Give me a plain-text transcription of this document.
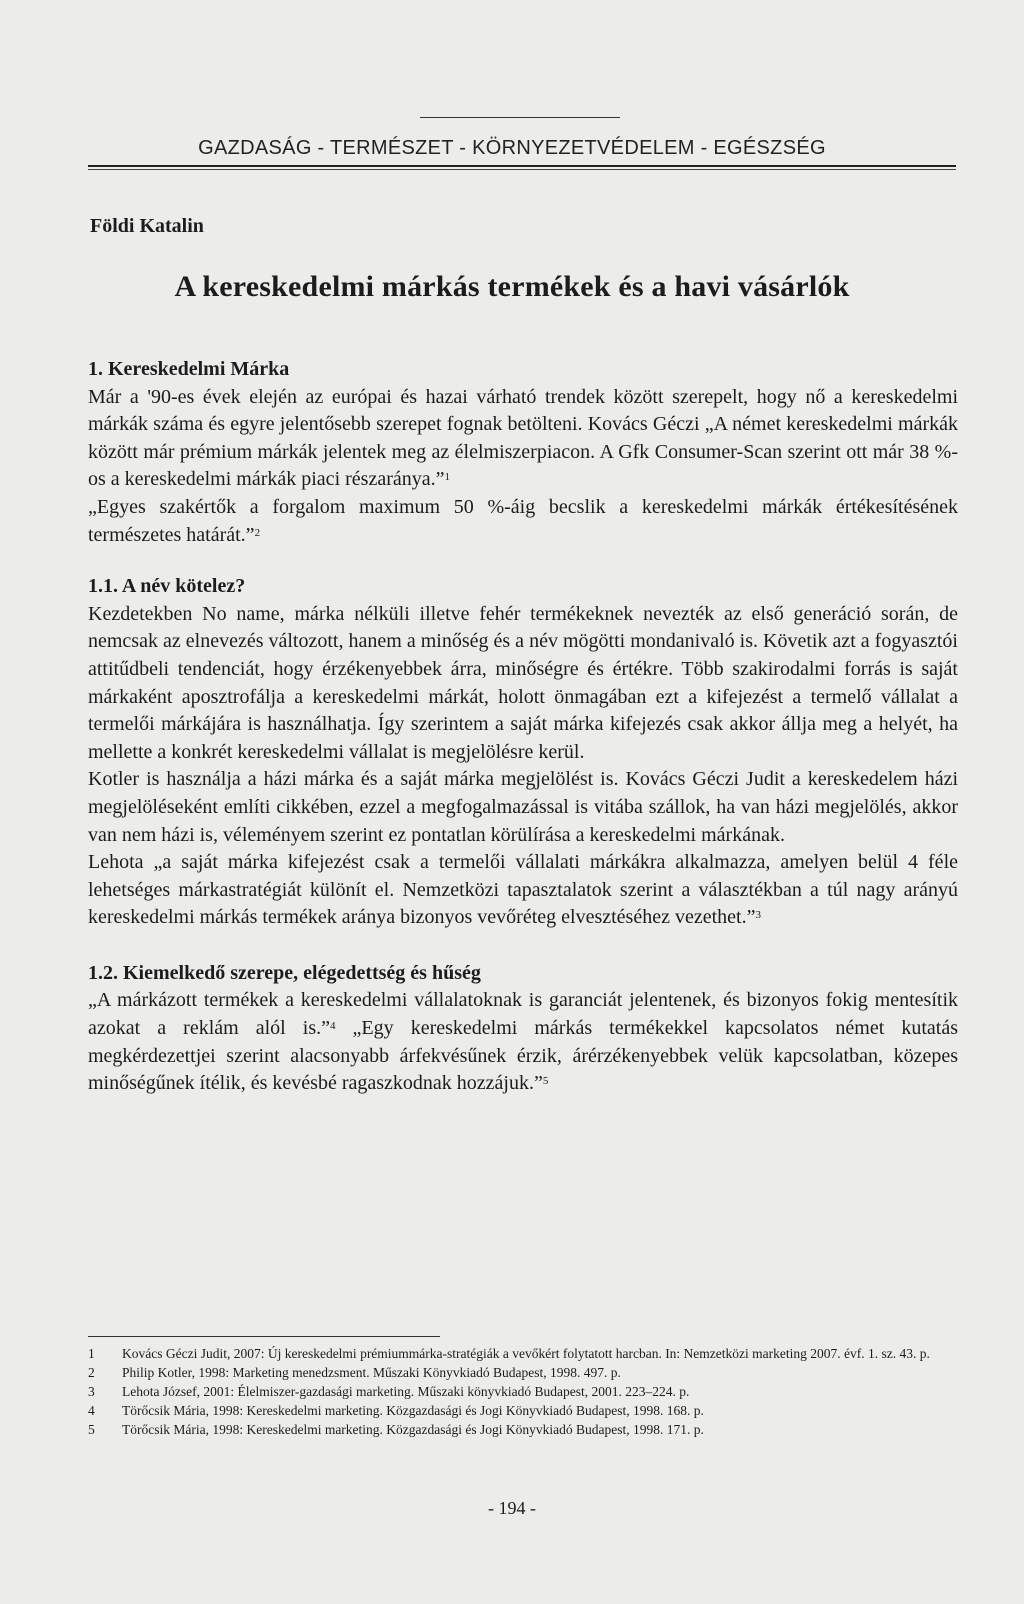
GAZDASÁG - TERMÉSZET - KÖRNYEZETVÉDELEM - EGÉSZSÉG
Földi Katalin
A kereskedelmi márkás termékek és a havi vásárlók

1. Kereskedelmi Márka

Már a '90-es évek elején az európai és hazai várható trendek között szerepelt, hogy nő a kereskedelmi márkák száma és egyre jelentősebb szerepet fognak betölteni. Kovács Géczi „A német kereskedelmi márkák között már prémium márkák jelentek meg az élelmiszerpiacon. A Gfk Consumer-Scan szerint ott már 38 %-os a kereskedelmi márkák piaci részaránya.”$^1$

„Egyes szakértők a forgalom maximum 50 %-áig becslik a kereskedelmi márkák értékesítésének természetes határát.”$^2$

1.1. A név kötelez?

Kezdetekben No name, márka nélküli illetve fehér termékeknek nevezték az első generáció során, de nemcsak az elnevezés változott, hanem a minőség és a név mögötti mondanivaló is. Követik azt a fogyasztói attitűdbeli tendenciát, hogy érzékenyebbek árra, minőségre és értékre. Több szakirodalmi forrás is saját márkaként aposztrofálja a kereskedelmi márkát, holott önmagában ezt a kifejezést a termelő vállalat a termelői márkájára is használhatja. Így szerintem a saját márka kifejezés csak akkor állja meg a helyét, ha mellette a konkrét kereskedelmi vállalat is megjelölésre kerül.

Kotler is használja a házi márka és a saját márka megjelölést is. Kovács Géczi Judit a kereskedelem házi megjelöléseként említi cikkében, ezzel a megfogalmazással is vitába szállok, ha van házi megjelölés, akkor van nem házi is, véleményem szerint ez pontatlan körülírása a kereskedelmi márkának.

Lehota „a saját márka kifejezést csak a termelői vállalati márkákra alkalmazza, amelyen belül 4 féle lehetséges márkastratégiát különít el. Nemzetközi tapasztalatok szerint a választékban a túl nagy arányú kereskedelmi márkás termékek aránya bizonyos vevőréteg elvesztéséhez vezethet.”$^3$

1.2. Kiemelkedő szerepe, elégedettség és hűség

„A márkázott termékek a kereskedelmi vállalatoknak is garanciát jelentenek, és bizonyos fokig mentesítik azokat a reklám alól is.”$^4$ „Egy kereskedelmi márkás termékekkel kapcsolatos német kutatás megkérdezettjei szerint alacsonyabb árfekvésűnek érzik, árérzékenyebbek velük kapcsolatban, közepes minőségűnek ítélik, és kevésbé ragaszkodnak hozzájuk.”$^5$

1	Kovács Géczi Judit, 2007: Új kereskedelmi prémiummárka-stratégiák a vevőkért folytatott harcban. In: Nemzetközi marketing 2007. évf. 1. sz. 43. p.
2	Philip Kotler, 1998: Marketing menedzsment. Műszaki Könyvkiadó Budapest, 1998. 497. p.
3	Lehota József, 2001: Élelmiszer-gazdasági marketing. Műszaki könyvkiadó Budapest, 2001. 223–224. p.
4	Törőcsik Mária, 1998: Kereskedelmi marketing. Közgazdasági és Jogi Könyvkiadó Budapest, 1998. 168. p.
5	Törőcsik Mária, 1998: Kereskedelmi marketing. Közgazdasági és Jogi Könyvkiadó Budapest, 1998. 171. p.
- 194 -
